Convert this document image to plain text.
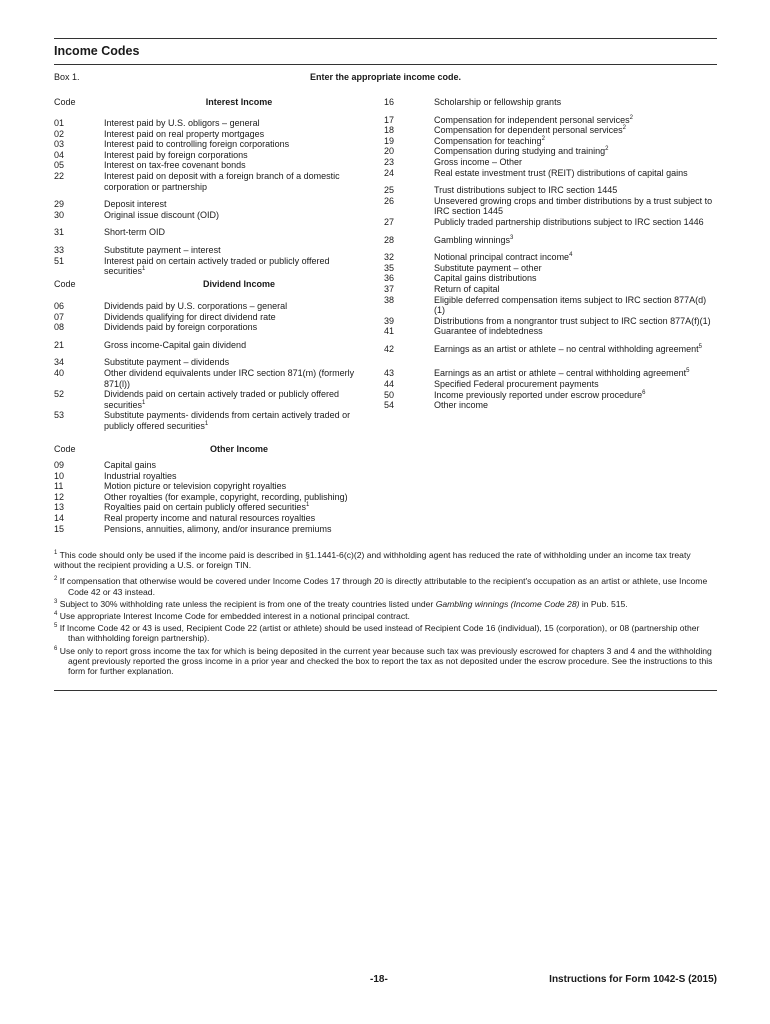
Income Codes
Box 1.	Enter the appropriate income code.
Code	Interest Income
01	Interest paid by U.S. obligors – general
02	Interest paid on real property mortgages
03	Interest paid to controlling foreign corporations
04	Interest paid by foreign corporations
05	Interest on tax-free covenant bonds
22	Interest paid on deposit with a foreign branch of a domestic corporation or partnership
29	Deposit interest
30	Original issue discount (OID)
31	Short-term OID
33	Substitute payment – interest
51	Interest paid on certain actively traded or publicly offered securities$^1$
Code	Dividend Income
06	Dividends paid by U.S. corporations – general
07	Dividends qualifying for direct dividend rate
08	Dividends paid by foreign corporations
21	Gross income-Capital gain dividend
34	Substitute payment – dividends
40	Other dividend equivalents under IRC section 871(m) (formerly 871(l))
52	Dividends paid on certain actively traded or publicly offered securities$^1$
53	Substitute payments- dividends from certain actively traded or publicly offered securities$^1$
Code	Other Income
09	Capital gains
10	Industrial royalties
11	Motion picture or television copyright royalties
12	Other royalties (for example, copyright, recording, publishing)
13	Royalties paid on certain publicly offered securities$^1$
14	Real property income and natural resources royalties
15	Pensions, annuities, alimony, and/or insurance premiums
16	Scholarship or fellowship grants
17	Compensation for independent personal services$^2$
18	Compensation for dependent personal services$^2$
19	Compensation for teaching$^2$
20	Compensation during studying and training$^2$
23	Gross income – Other
24	Real estate investment trust (REIT) distributions of capital gains
25	Trust distributions subject to IRC section 1445
26	Unsevered growing crops and timber distributions by a trust subject to IRC section 1445
27	Publicly traded partnership distributions subject to IRC section 1446
28	Gambling winnings$^3$
32	Notional principal contract income$^4$
35	Substitute payment – other
36	Capital gains distributions
37	Return of capital
38	Eligible deferred compensation items subject to IRC section 877A(d)(1)
39	Distributions from a nongrantor trust subject to IRC section 877A(f)(1)
41	Guarantee of indebtedness
42	Earnings as an artist or athlete – no central withholding agreement$^5$
43	Earnings as an artist or athlete – central withholding agreement$^5$
44	Specified Federal procurement payments
50	Income previously reported under escrow procedure$^6$
54	Other income
$^1$ This code should only be used if the income paid is described in §1.1441-6(c)(2) and withholding agent has reduced the rate of withholding under an income tax treaty without the recipient providing a U.S. or foreign TIN.
$^2$ If compensation that otherwise would be covered under Income Codes 17 through 20 is directly attributable to the recipient's occupation as an artist or athlete, use Income Code 42 or 43 instead.
$^3$ Subject to 30% withholding rate unless the recipient is from one of the treaty countries listed under Gambling winnings (Income Code 28) in Pub. 515.
$^4$ Use appropriate Interest Income Code for embedded interest in a notional principal contract.
$^5$ If Income Code 42 or 43 is used, Recipient Code 22 (artist or athlete) should be used instead of Recipient Code 16 (individual), 15 (corporation), or 08 (partnership other than withholding foreign partnership).
$^6$ Use only to report gross income the tax for which is being deposited in the current year because such tax was previously escrowed for chapters 3 and 4 and the withholding agent previously reported the gross income in a prior year and checked the box to report the tax as not deposited under the escrow procedure. See the instructions to this form for further explanation.
-18-	Instructions for Form 1042-S (2015)
